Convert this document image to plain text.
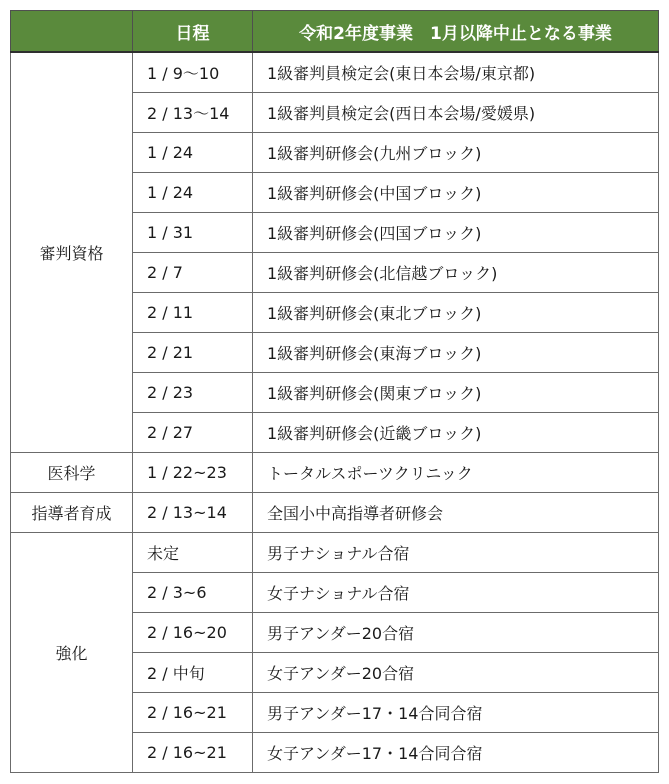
	日程	令和2年度事業　1月以降中止となる事業
審判資格	1 / 9～10	1級審判員検定会(東日本会場/東京都)
	2 / 13～14	1級審判員検定会(西日本会場/愛媛県)
	1 / 24	1級審判研修会(九州ブロック)
	1 / 24	1級審判研修会(中国ブロック)
	1 / 31	1級審判研修会(四国ブロック)
	2 / 7	1級審判研修会(北信越ブロック)
	2 / 11	1級審判研修会(東北ブロック)
	2 / 21	1級審判研修会(東海ブロック)
	2 / 23	1級審判研修会(関東ブロック)
	2 / 27	1級審判研修会(近畿ブロック)
医科学	1 / 22~23	トータルスポーツクリニック
指導者育成	2 / 13~14	全国小中高指導者研修会
強化	未定	男子ナショナル合宿
	2 / 3~6	女子ナショナル合宿
	2 / 16~20	男子アンダー20合宿
	2 / 中旬	女子アンダー20合宿
	2 / 16~21	男子アンダー17・14合同合宿
	2 / 16~21	女子アンダー17・14合同合宿
